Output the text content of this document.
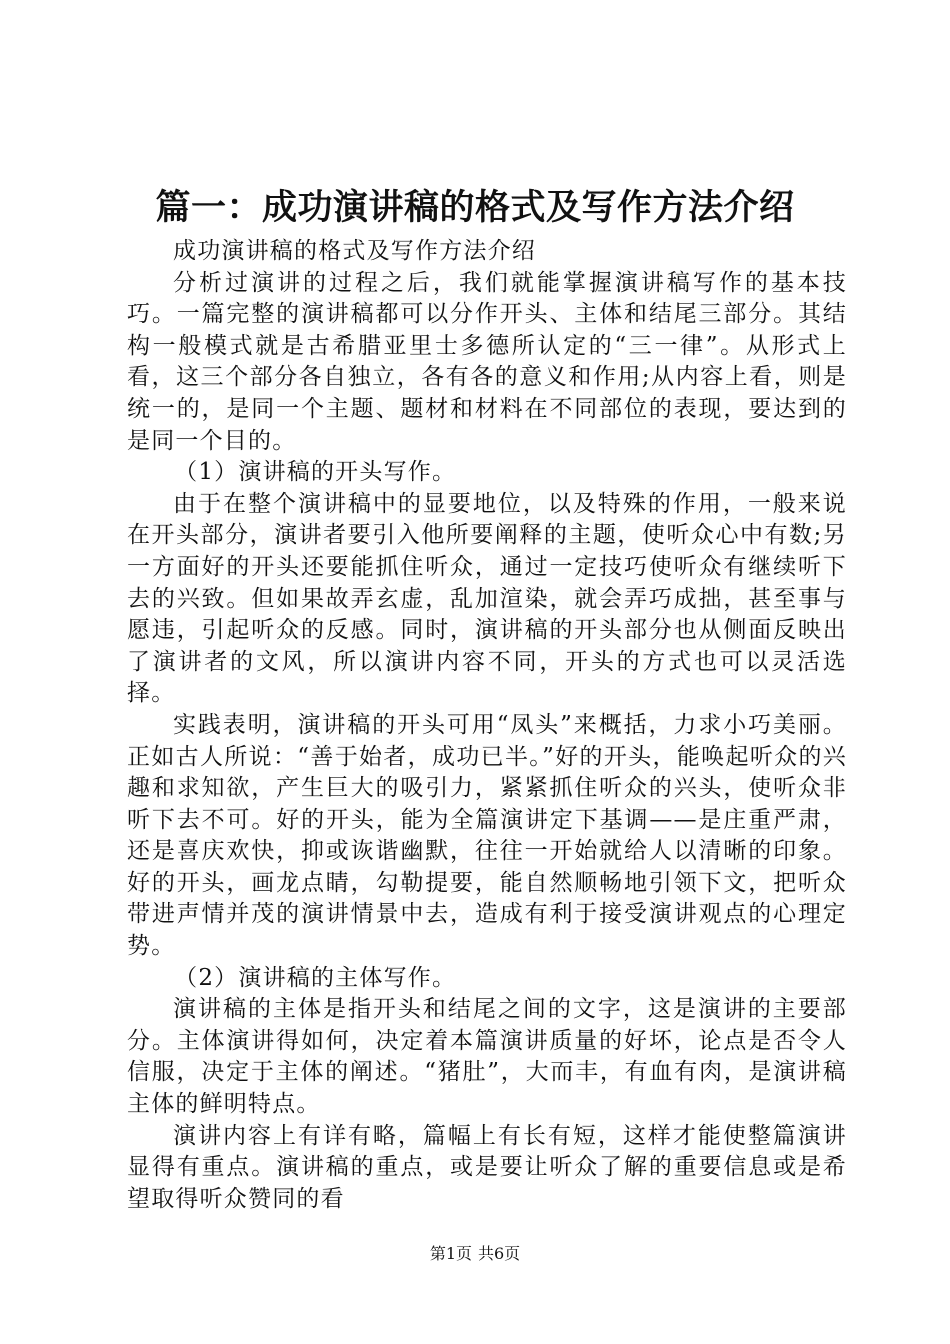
篇一：成功演讲稿的格式及写作方法介绍

成功演讲稿的格式及写作方法介绍

分析过演讲的过程之后，我们就能掌握演讲稿写作的基本技巧。一篇完整的演讲稿都可以分作开头、主体和结尾三部分。其结构一般模式就是古希腊亚里士多德所认定的“三一律”。从形式上看，这三个部分各自独立，各有各的意义和作用;从内容上看，则是统一的，是同一个主题、题材和材料在不同部位的表现，要达到的是同一个目的。

（1）演讲稿的开头写作。

由于在整个演讲稿中的显要地位，以及特殊的作用，一般来说在开头部分，演讲者要引入他所要阐释的主题，使听众心中有数;另一方面好的开头还要能抓住听众，通过一定技巧使听众有继续听下去的兴致。但如果故弄玄虚，乱加渲染，就会弄巧成拙，甚至事与愿违，引起听众的反感。同时，演讲稿的开头部分也从侧面反映出了演讲者的文风，所以演讲内容不同，开头的方式也可以灵活选择。

实践表明，演讲稿的开头可用“凤头”来概括，力求小巧美丽。正如古人所说：“善于始者，成功已半。”好的开头，能唤起听众的兴趣和求知欲，产生巨大的吸引力，紧紧抓住听众的兴头，使听众非听下去不可。好的开头，能为全篇演讲定下基调——是庄重严肃，还是喜庆欢快，抑或诙谐幽默，往往一开始就给人以清晰的印象。好的开头，画龙点睛，勾勒提要，能自然顺畅地引领下文，把听众带进声情并茂的演讲情景中去，造成有利于接受演讲观点的心理定势。

（2）演讲稿的主体写作。

演讲稿的主体是指开头和结尾之间的文字，这是演讲的主要部分。主体演讲得如何，决定着本篇演讲质量的好坏，论点是否令人信服，决定于主体的阐述。“猪肚”，大而丰，有血有肉，是演讲稿主体的鲜明特点。

演讲内容上有详有略，篇幅上有长有短，这样才能使整篇演讲显得有重点。演讲稿的重点，或是要让听众了解的重要信息或是希望取得听众赞同的看

第1页 共6页
